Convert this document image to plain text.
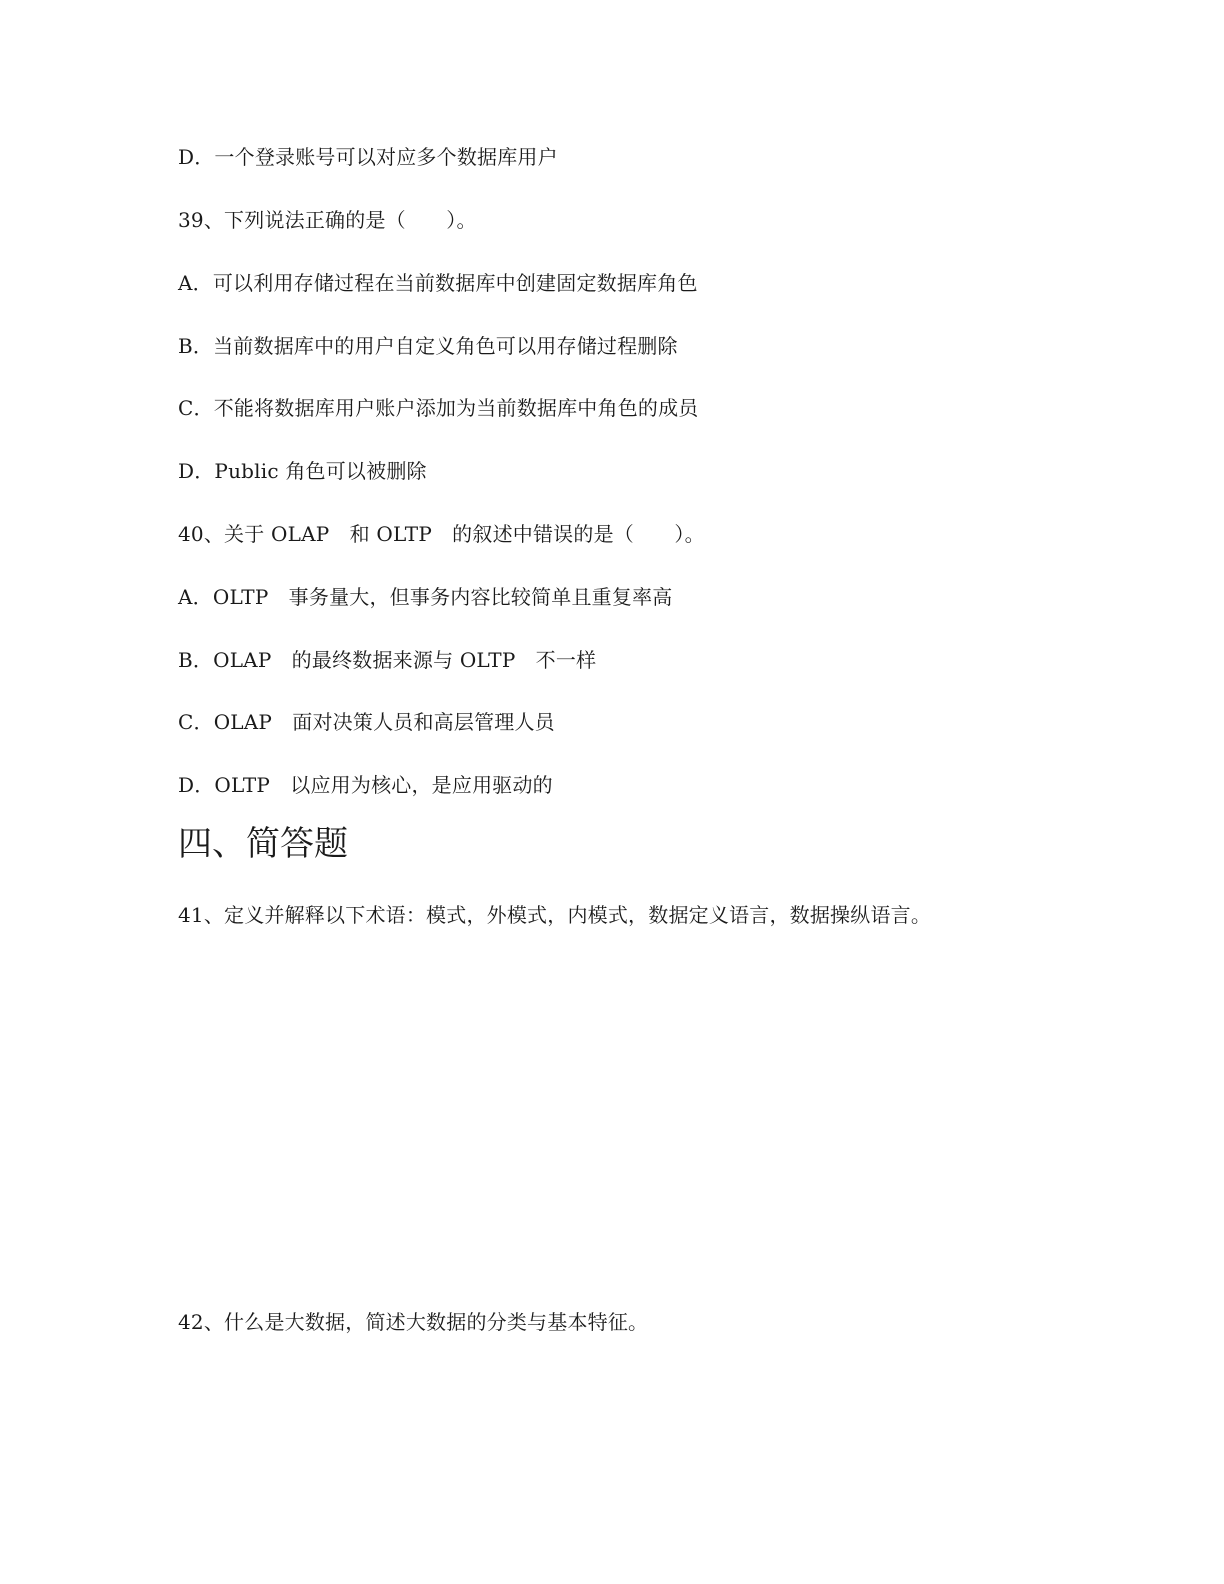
D．一个登录账号可以对应多个数据库用户
39、下列说法正确的是（　　）。
A．可以利用存储过程在当前数据库中创建固定数据库角色
B．当前数据库中的用户自定义角色可以用存储过程删除
C．不能将数据库用户账户添加为当前数据库中角色的成员
D．Public 角色可以被删除
40、关于 OLAP　和 OLTP　的叙述中错误的是（　　）。
A．OLTP　事务量大，但事务内容比较简单且重复率高
B．OLAP　的最终数据来源与 OLTP　不一样
C．OLAP　面对决策人员和高层管理人员
D．OLTP　以应用为核心，是应用驱动的
四、简答题
41、定义并解释以下术语：模式，外模式，内模式，数据定义语言，数据操纵语言。
42、什么是大数据，简述大数据的分类与基本特征。
